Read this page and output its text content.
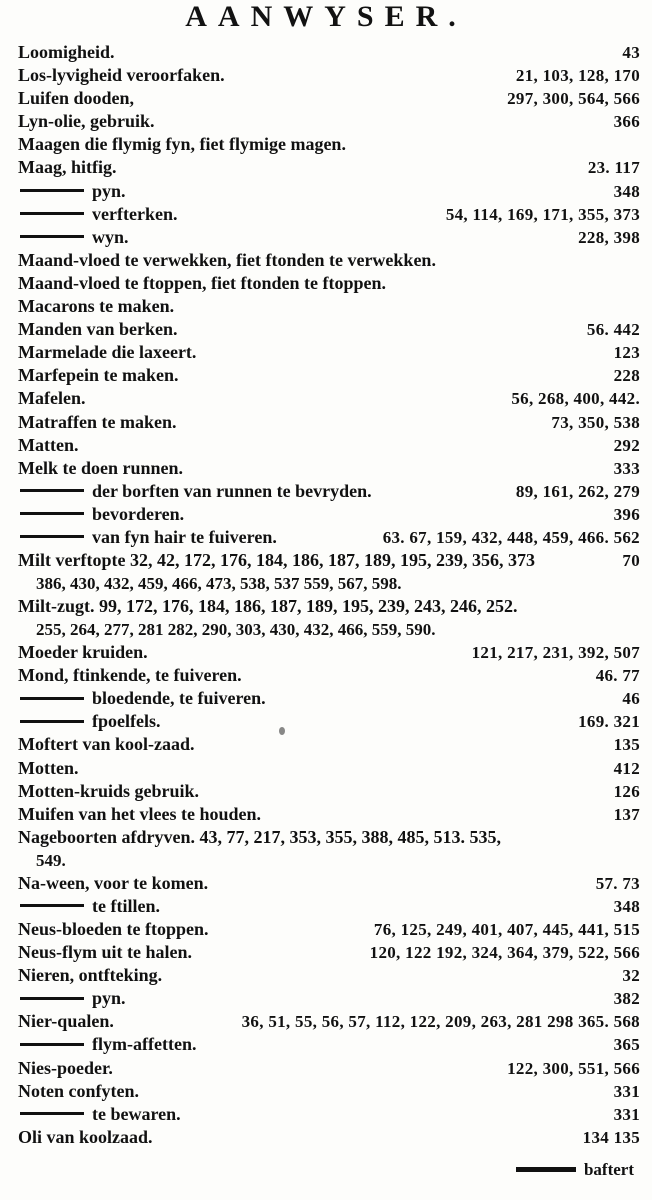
AANWYSER.
Loomigheid.	43
Los-lyvigheid veroorfaken.	21, 103, 128, 170
Luifen dooden,	297, 300, 564, 566
Lyn-olie, gebruik.	366
Maagen die flymig fyn, fiet flymige magen.
Maag, hitfig.	23. 117
pyn.	348
verfterken.	54, 114, 169, 171, 355, 373
wyn.	228, 398
Maand-vloed te verwekken, fiet ftonden te verwekken.
Maand-vloed te ftoppen, fiet ftonden te ftoppen.
Macarons te maken.
Manden van berken.	56. 442
Marmelade die laxeert.	123
Marfepein te maken.	228
Mafelen.	56, 268, 400, 442.
Matraffen te maken.	73, 350, 538
Matten.	292
Melk te doen runnen.	333
der borften van runnen te bevryden.	89, 161, 262, 279
bevorderen.	396
van fyn hair te fuiveren.	63. 67, 159, 432, 448, 459, 466. 562
Milt verftopte 32, 42, 172, 176, 184, 186, 187, 189, 195, 239, 356, 373	70
386, 430, 432, 459, 466, 473, 538, 537 559, 567, 598.
Milt-zugt. 99, 172, 176, 184, 186, 187, 189, 195, 239, 243, 246, 252.
255, 264, 277, 281 282, 290, 303, 430, 432, 466, 559, 590.
Moeder kruiden.	121, 217, 231, 392, 507
Mond, ftinkende, te fuiveren.	46. 77
bloedende, te fuiveren.	46
fpoelfels.	169. 321
Moftert van kool-zaad.	135
Motten.	412
Motten-kruids gebruik.	126
Muifen van het vlees te houden.	137
Nageboorten afdryven. 43, 77, 217, 353, 355, 388, 485, 513. 535,
549.
Na-ween, voor te komen.	57. 73
te ftillen.	348
Neus-bloeden te ftoppen.	76, 125, 249, 401, 407, 445, 441, 515
Neus-flym uit te halen.	120, 122 192, 324, 364, 379, 522, 566
Nieren, ontfteking.	32
pyn.	382
Nier-qualen.	36, 51, 55, 56, 57, 112, 122, 209, 263, 281 298 365. 568
flym-affetten.	365
Nies-poeder.	122, 300, 551, 566
Noten confyten.	331
te bewaren.	331
Oli van koolzaad.	134 135
baftert
